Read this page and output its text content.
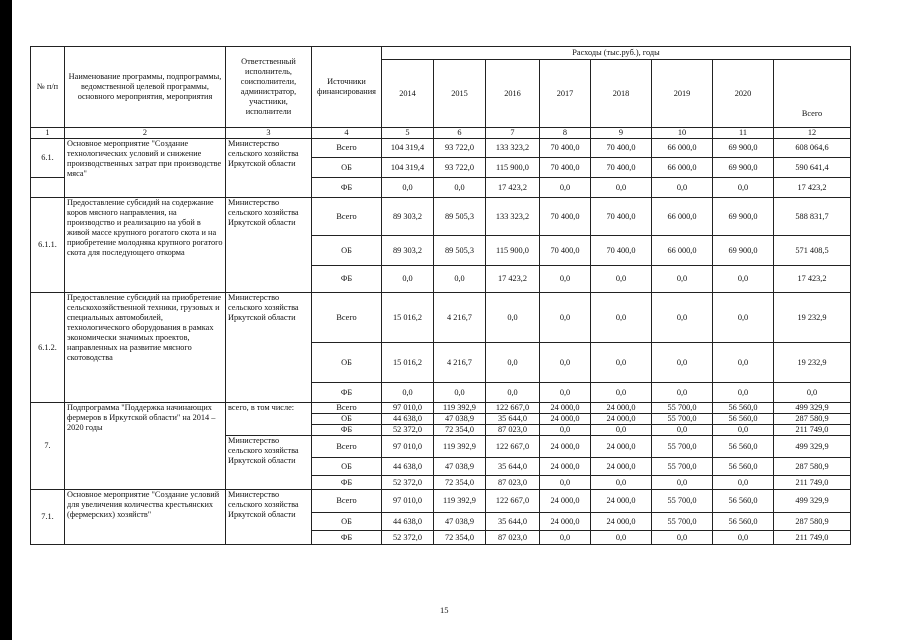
№ п/п	Наименование программы, подпрограммы, ведомственной целевой программы, основного мероприятия, мероприятия	Ответственный исполнитель, соисполнители, администратор, участники, исполнители	Источники финансирования	Расходы (тыс.руб.), годы							
				2014	2015	2016	2017	2018	2019	2020	Всего
1	2	3	4	5	6	7	8	9	10	11	12
6.1.	Основное мероприятие "Создание технологических условий и снижение производственных затрат при производстве мяса"	Министерство сельского хозяйства Иркутской области	Всего	104 319,4	93 722,0	133 323,2	70 400,0	70 400,0	66 000,0	69 900,0	608 064,6
			ОБ	104 319,4	93 722,0	115 900,0	70 400,0	70 400,0	66 000,0	69 900,0	590 641,4
			ФБ	0,0	0,0	17 423,2	0,0	0,0	0,0	0,0	17 423,2
6.1.1.	Предоставление субсидий на содержание коров мясного направления, на производство и реализацию на убой в живой массе крупного рогатого скота и на приобретение молодняка крупного рогатого скота для последующего откорма	Министерство сельского хозяйства Иркутской области	Всего	89 303,2	89 505,3	133 323,2	70 400,0	70 400,0	66 000,0	69 900,0	588 831,7
			ОБ	89 303,2	89 505,3	115 900,0	70 400,0	70 400,0	66 000,0	69 900,0	571 408,5
			ФБ	0,0	0,0	17 423,2	0,0	0,0	0,0	0,0	17 423,2
6.1.2.	Предоставление субсидий на приобретение сельскохозяйственной техники, грузовых и специальных автомобилей, технологического оборудования в рамках экономически значимых проектов, направленных на развитие мясного скотоводства	Министерство сельского хозяйства Иркутской области	Всего	15 016,2	4 216,7	0,0	0,0	0,0	0,0	0,0	19 232,9
			ОБ	15 016,2	4 216,7	0,0	0,0	0,0	0,0	0,0	19 232,9
			ФБ	0,0	0,0	0,0	0,0	0,0	0,0	0,0	0,0
7.	Подпрограмма "Поддержка начинающих фермеров в Иркутской области" на 2014 – 2020 годы	всего, в том числе:	Всего	97 010,0	119 392,9	122 667,0	24 000,0	24 000,0	55 700,0	56 560,0	499 329,9
			ОБ	44 638,0	47 038,9	35 644,0	24 000,0	24 000,0	55 700,0	56 560,0	287 580,9
			ФБ	52 372,0	72 354,0	87 023,0	0,0	0,0	0,0	0,0	211 749,0
		Министерство сельского хозяйства Иркутской области	Всего	97 010,0	119 392,9	122 667,0	24 000,0	24 000,0	55 700,0	56 560,0	499 329,9
			ОБ	44 638,0	47 038,9	35 644,0	24 000,0	24 000,0	55 700,0	56 560,0	287 580,9
			ФБ	52 372,0	72 354,0	87 023,0	0,0	0,0	0,0	0,0	211 749,0
7.1.	Основное мероприятие "Создание условий для увеличения количества крестьянских (фермерских) хозяйств"	Министерство сельского хозяйства Иркутской области	Всего	97 010,0	119 392,9	122 667,0	24 000,0	24 000,0	55 700,0	56 560,0	499 329,9
			ОБ	44 638,0	47 038,9	35 644,0	24 000,0	24 000,0	55 700,0	56 560,0	287 580,9
			ФБ	52 372,0	72 354,0	87 023,0	0,0	0,0	0,0	0,0	211 749,0
15
